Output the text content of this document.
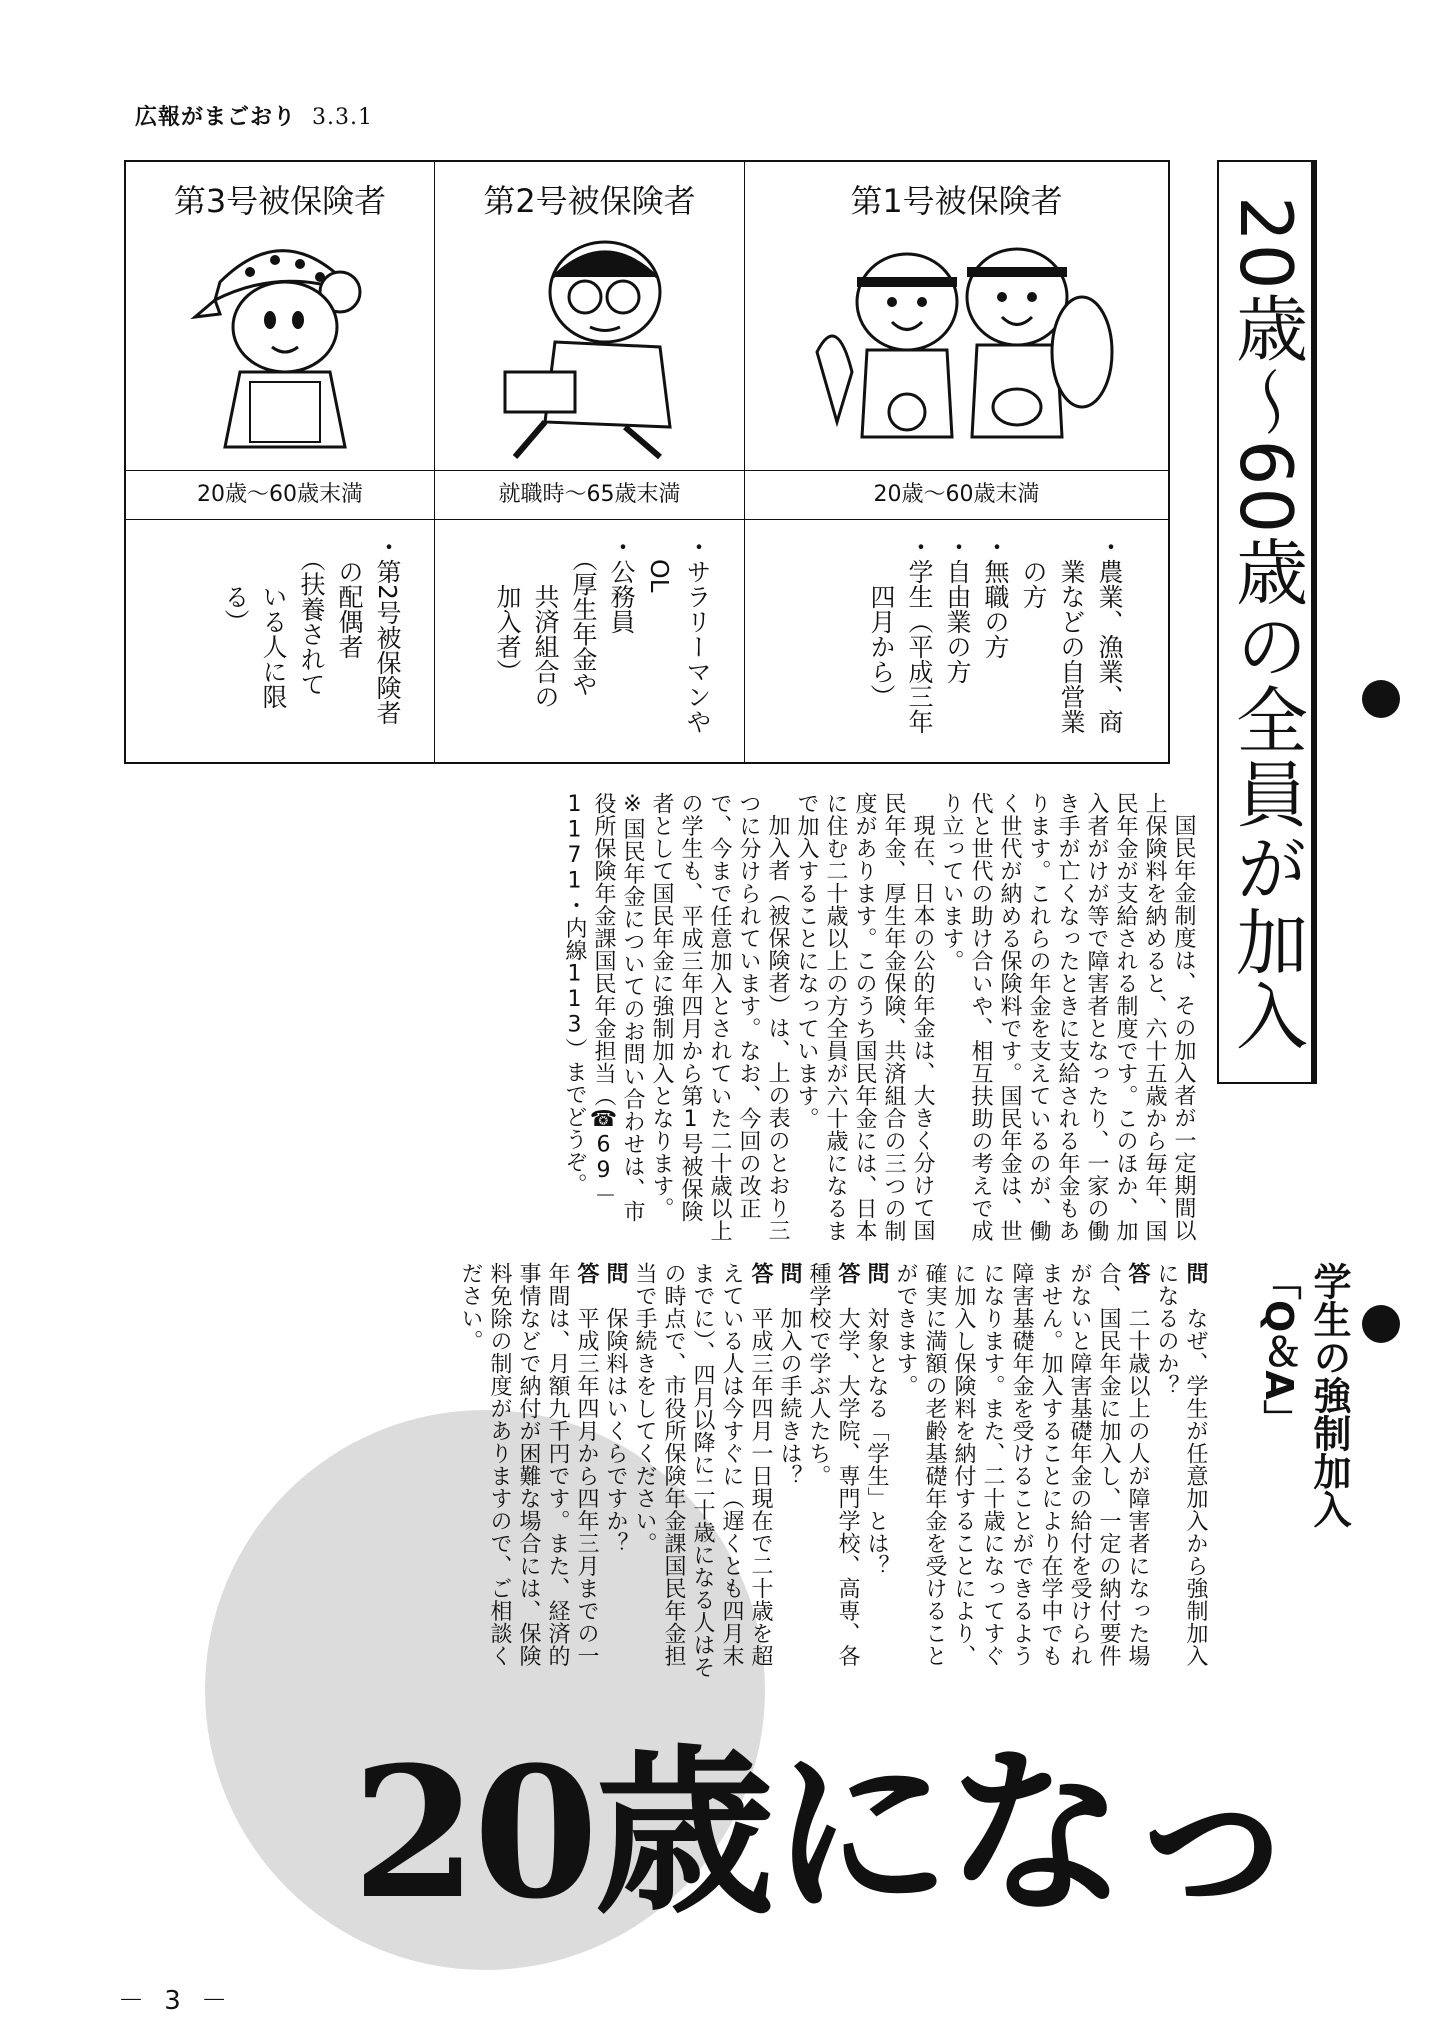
広報がまごおり 3.3.1
第3号被保険者
20歳～60歳末満
・第2号被保険者
　の配偶者
　（扶養されて
　　いる人に限
　　る）
第2号被保険者
就職時～65歳末満
・サラリーマンや
　OL
・公務員
　（厚生年金や
　　共済組合の
　　加入者）
第1号被保険者
20歳～60歳末満
・農業、漁業、商
　業などの自営業
　の方
・無職の方
・自由業の方
・学生（平成三年
　　四月から）	20歳～60歳の全員が加入

国民年金制度は、その加入者が一定期間以上保険料を納めると、六十五歳から毎年、国民年金が支給される制度です。このほか、加入者がけが等で障害者となったり、一家の働き手が亡くなったときに支給される年金もあります。これらの年金を支えているのが、働く世代が納める保険料です。国民年金は、世代と世代の助け合いや、相互扶助の考えで成り立っています。

現在、日本の公的年金は、大きく分けて国民年金、厚生年金保険、共済組合の三つの制度があります。このうち国民年金には、日本に住む二十歳以上の方全員が六十歳になるまで加入することになっています。

加入者（被保険者）は、上の表のとおり三つに分けられています。なお、今回の改正で、今まで任意加入とされていた二十歳以上の学生も、平成三年四月から第1号被保険者として国民年金に強制加入となります。

※国民年金についてのお問い合わせは、市役所保険年金課国民年金担当（☎69－1171・内線113）までどうぞ。

学生の強制加入
「Q＆A」

問　なぜ、学生が任意加入から強制加入になるのか？

答　二十歳以上の人が障害者になった場合、国民年金に加入し、一定の納付要件がないと障害基礎年金の給付を受けられません。加入することにより在学中でも障害基礎年金を受けることができるようになります。また、二十歳になってすぐに加入し保険料を納付することにより、確実に満額の老齢基礎年金を受けることができます。

問　対象となる「学生」とは？

答　大学、大学院、専門学校、高専、各種学校で学ぶ人たち。

問　加入の手続きは？

答　平成三年四月一日現在で二十歳を超えている人は今すぐに（遅くとも四月末までに）、四月以降に二十歳になる人はその時点で、市役所保険年金課国民年金担当で手続きをしてください。

問　保険料はいくらですか？

答　平成三年四月から四年三月までの一年間は、月額九千円です。また、経済的事情などで納付が困難な場合には、保険料免除の制度がありますので、ご相談ください。

20歳になっ
－ 3 －
